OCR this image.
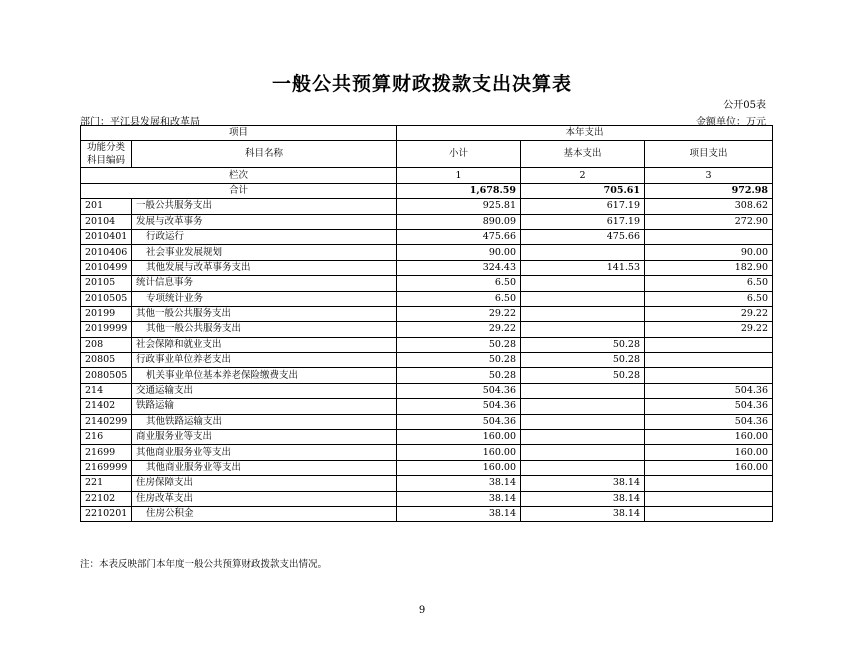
一般公共预算财政拨款支出决算表
公开05表
部门：平江县发展和改革局	金额单位：万元
项目		本年支出		
功能分类
科目编码	科目名称	小计	基本支出	项目支出
栏次		1	2	3
合计		1,678.59	705.61	972.98
201	一般公共服务支出	925.81	617.19	308.62
20104	发展与改革事务	890.09	617.19	272.90
2010401	行政运行	475.66	475.66	
2010406	社会事业发展规划	90.00		90.00
2010499	其他发展与改革事务支出	324.43	141.53	182.90
20105	统计信息事务	6.50		6.50
2010505	专项统计业务	6.50		6.50
20199	其他一般公共服务支出	29.22		29.22
2019999	其他一般公共服务支出	29.22		29.22
208	社会保障和就业支出	50.28	50.28	
20805	行政事业单位养老支出	50.28	50.28	
2080505	机关事业单位基本养老保险缴费支出	50.28	50.28	
214	交通运输支出	504.36		504.36
21402	铁路运输	504.36		504.36
2140299	其他铁路运输支出	504.36		504.36
216	商业服务业等支出	160.00		160.00
21699	其他商业服务业等支出	160.00		160.00
2169999	其他商业服务业等支出	160.00		160.00
221	住房保障支出	38.14	38.14	
22102	住房改革支出	38.14	38.14	
2210201	住房公积金	38.14	38.14	
注：本表反映部门本年度一般公共预算财政拨款支出情况。
9
